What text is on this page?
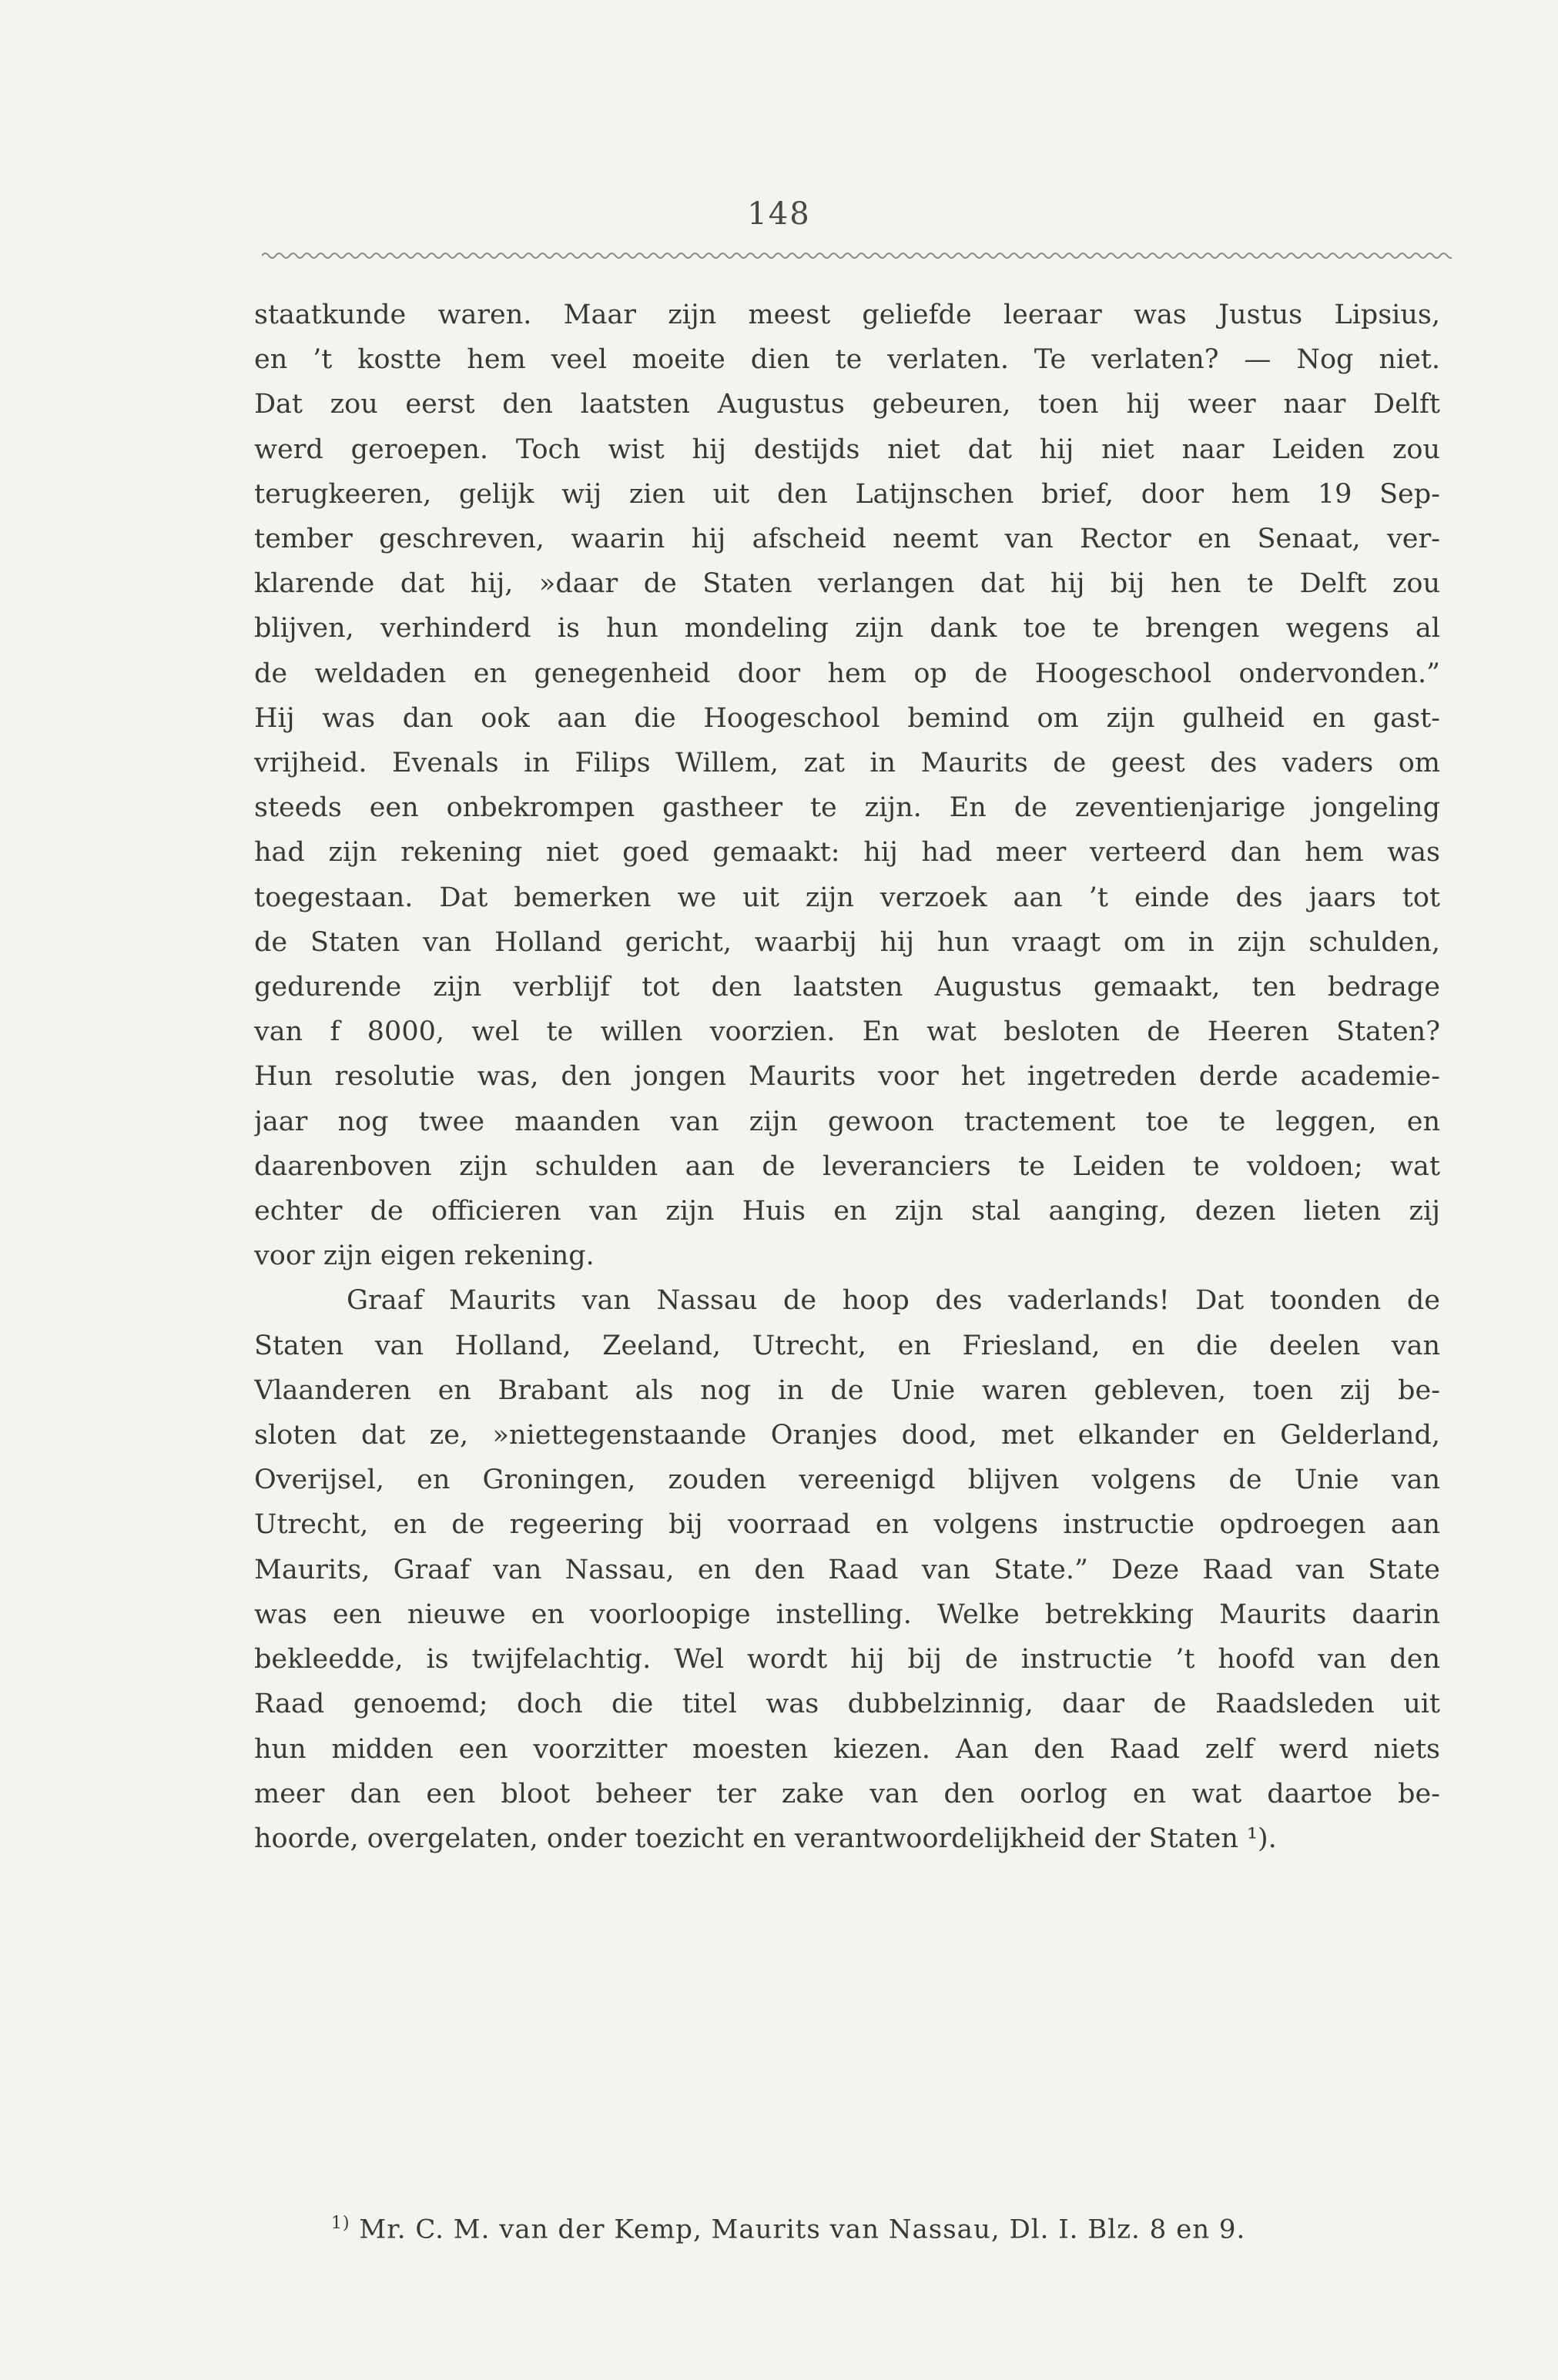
148

staatkunde waren. Maar zijn meest geliefde leeraar was Justus Lipsius,

en ’t kostte hem veel moeite dien te verlaten. Te verlaten? — Nog niet.

Dat zou eerst den laatsten Augustus gebeuren, toen hij weer naar Delft

werd geroepen. Toch wist hij destijds niet dat hij niet naar Leiden zou

terugkeeren, gelijk wij zien uit den Latijnschen brief, door hem 19 Sep-

tember geschreven, waarin hij afscheid neemt van Rector en Senaat, ver-

klarende dat hij, »daar de Staten verlangen dat hij bij hen te Delft zou

blijven, verhinderd is hun mondeling zijn dank toe te brengen wegens al

de weldaden en genegenheid door hem op de Hoogeschool ondervonden.”

Hij was dan ook aan die Hoogeschool bemind om zijn gulheid en gast-

vrijheid. Evenals in Filips Willem, zat in Maurits de geest des vaders om

steeds een onbekrompen gastheer te zijn. En de zeventienjarige jongeling

had zijn rekening niet goed gemaakt: hij had meer verteerd dan hem was

toegestaan. Dat bemerken we uit zijn verzoek aan ’t einde des jaars tot

de Staten van Holland gericht, waarbij hij hun vraagt om in zijn schulden,

gedurende zijn verblijf tot den laatsten Augustus gemaakt, ten bedrage

van f 8000, wel te willen voorzien. En wat besloten de Heeren Staten?

Hun resolutie was, den jongen Maurits voor het ingetreden derde academie-

jaar nog twee maanden van zijn gewoon tractement toe te leggen, en

daarenboven zijn schulden aan de leveranciers te Leiden te voldoen; wat

echter de officieren van zijn Huis en zijn stal aanging, dezen lieten zij

voor zijn eigen rekening.

Graaf Maurits van Nassau de hoop des vaderlands! Dat toonden de

Staten van Holland, Zeeland, Utrecht, en Friesland, en die deelen van

Vlaanderen en Brabant als nog in de Unie waren gebleven, toen zij be-

sloten dat ze, »niettegenstaande Oranjes dood, met elkander en Gelderland,

Overijsel, en Groningen, zouden vereenigd blijven volgens de Unie van

Utrecht, en de regeering bij voorraad en volgens instructie opdroegen aan

Maurits, Graaf van Nassau, en den Raad van State.” Deze Raad van State

was een nieuwe en voorloopige instelling. Welke betrekking Maurits daarin

bekleedde, is twijfelachtig. Wel wordt hij bij de instructie ’t hoofd van den

Raad genoemd; doch die titel was dubbelzinnig, daar de Raadsleden uit

hun midden een voorzitter moesten kiezen. Aan den Raad zelf werd niets

meer dan een bloot beheer ter zake van den oorlog en wat daartoe be-

hoorde, overgelaten, onder toezicht en verantwoordelijkheid der Staten ¹).

$^{1)}$ Mr. C. M. van der Kemp, Maurits van Nassau, Dl. I. Blz. 8 en 9.
